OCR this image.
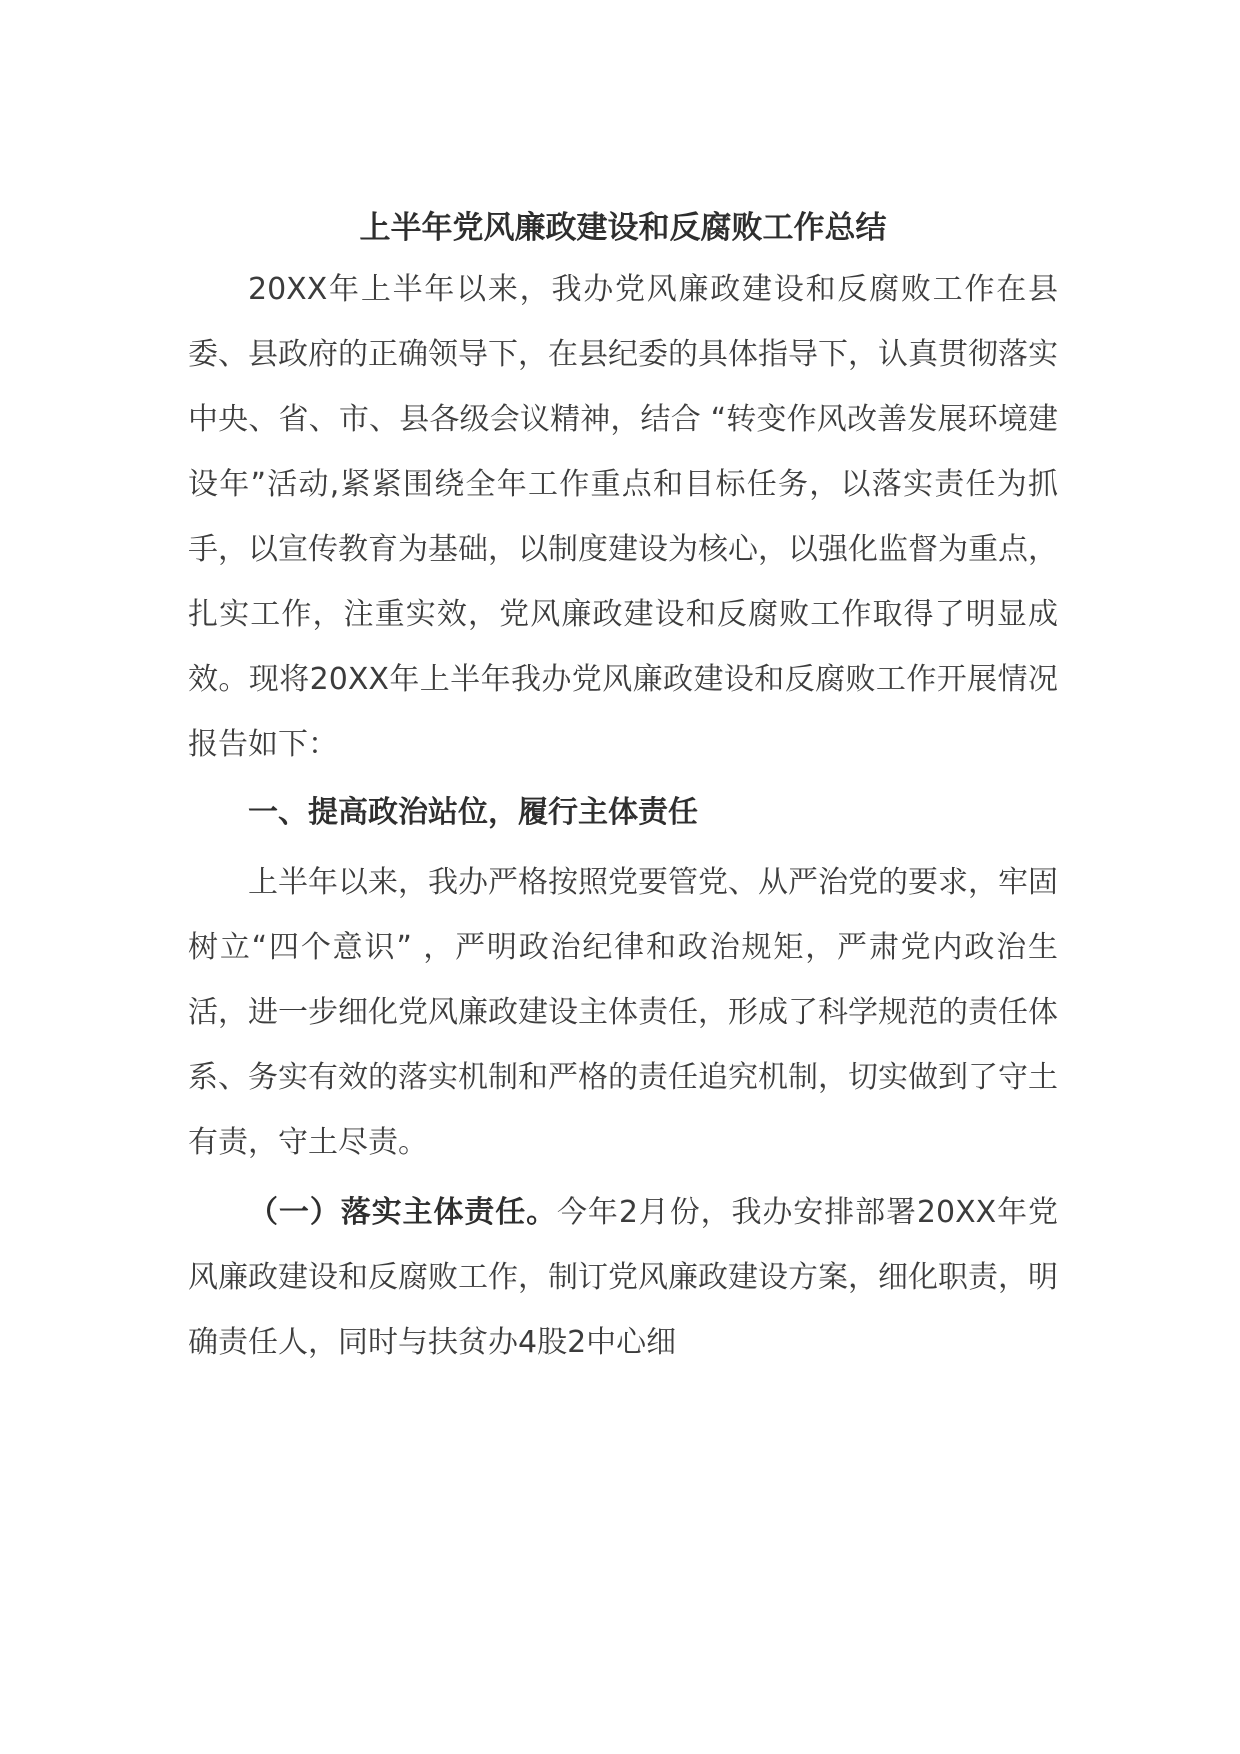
上半年党风廉政建设和反腐败工作总结

20XX年上半年以来，我办党风廉政建设和反腐败工作在县委、县政府的正确领导下，在县纪委的具体指导下，认真贯彻落实中央、省、市、县各级会议精神，结合 “转变作风改善发展环境建设年”活动,紧紧围绕全年工作重点和目标任务，以落实责任为抓手，以宣传教育为基础，以制度建设为核心，以强化监督为重点，扎实工作，注重实效，党风廉政建设和反腐败工作取得了明显成效。现将20XX年上半年我办党风廉政建设和反腐败工作开展情况报告如下：

一、提高政治站位，履行主体责任

上半年以来，我办严格按照党要管党、从严治党的要求，牢固树立“四个意识” ，严明政治纪律和政治规矩，严肃党内政治生活，进一步细化党风廉政建设主体责任，形成了科学规范的责任体系、务实有效的落实机制和严格的责任追究机制，切实做到了守土有责，守土尽责。

（一）落实主体责任。今年2月份，我办安排部署20XX年党风廉政建设和反腐败工作，制订党风廉政建设方案，细化职责，明确责任人，同时与扶贫办4股2中心细
